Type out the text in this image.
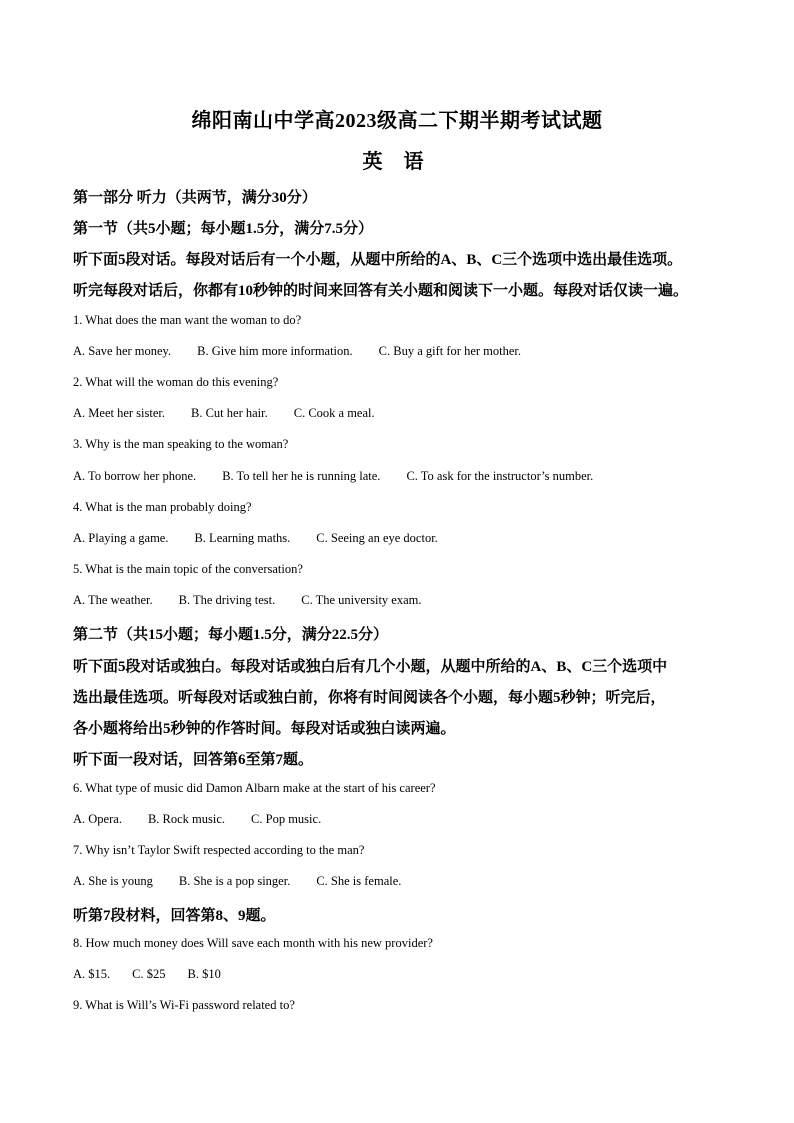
绵阳南山中学高2023级高二下期半期考试试题
英 语
第一部分 听力（共两节，满分30分）
第一节（共5小题；每小题1.5分，满分7.5分）
听下面5段对话。每段对话后有一个小题，从题中所给的A、B、C三个选项中选出最佳选项。
听完每段对话后，你都有10秒钟的时间来回答有关小题和阅读下一小题。每段对话仅读一遍。
1. What does the man want the woman to do?
A. Save her money. B. Give him more information. C. Buy a gift for her mother.
2. What will the woman do this evening?
A. Meet her sister. B. Cut her hair. C. Cook a meal.
3. Why is the man speaking to the woman?
A. To borrow her phone. B. To tell her he is running late. C. To ask for the instructor’s number.
4. What is the man probably doing?
A. Playing a game. B. Learning maths. C. Seeing an eye doctor.
5. What is the main topic of the conversation?
A. The weather. B. The driving test. C. The university exam.
第二节（共15小题；每小题1.5分，满分22.5分）
听下面5段对话或独白。每段对话或独白后有几个小题，从题中所给的A、B、C三个选项中
选出最佳选项。听每段对话或独白前，你将有时间阅读各个小题，每小题5秒钟；听完后，
各小题将给出5秒钟的作答时间。每段对话或独白读两遍。
听下面一段对话，回答第6至第7题。
6. What type of music did Damon Albarn make at the start of his career?
A. Opera. B. Rock music. C. Pop music.
7. Why isn’t Taylor Swift respected according to the man?
A. She is young B. She is a pop singer. C. She is female.
听第7段材料，回答第8、9题。
8. How much money does Will save each month with his new provider?
A. $15. C. $25 B. $10
9. What is Will’s Wi-Fi password related to?
